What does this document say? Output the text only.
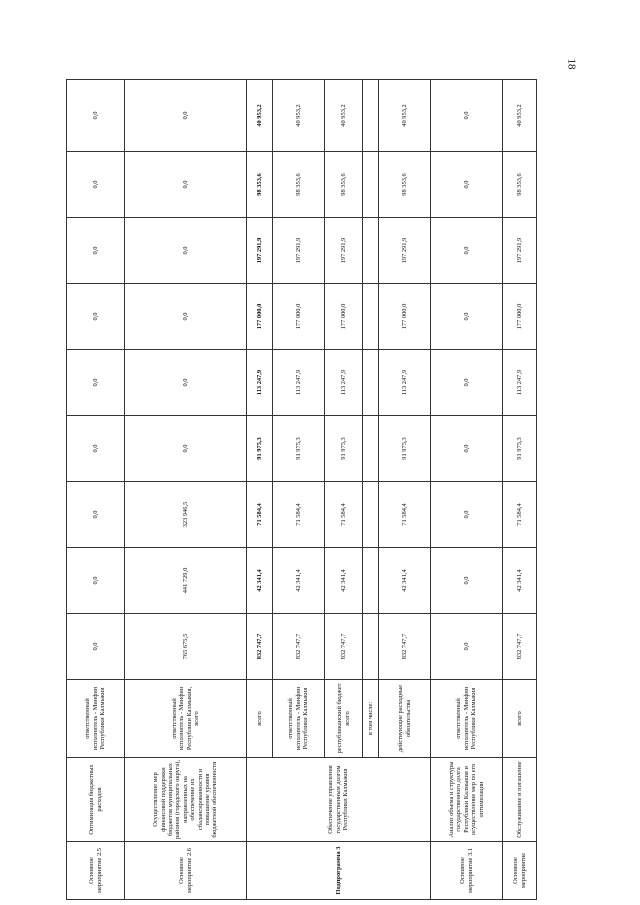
18
Основное мероприятие 2.5	Оптимизация бюджетных расходов	ответственный исполнитель - Минфин Республики Калмыкия	0,0	0,0	0,0	0,0	0,0	0,0	0,0	0,0	0,0
Основное мероприятие 2.6	Осуществление мер финансовой поддержки бюджетов муниципальных районов (городского округа), направленных на обеспечение их сбалансированности и повышение уровня бюджетной обеспеченности	ответственный исполнитель - Минфин Республики Калмыкия, всего	765 675,5	441 729,0	323 946,5	0,0	0,0	0,0	0,0	0,0	0,0
Подпрограмма 3	Обеспечение управления государственным долгом Республики Калмыкия	всего	832 747,7	42 341,4	71 584,4	91 975,3	113 247,9	177 000,0	197 291,9	98 353,6	40 953,2
		ответственный исполнитель - Минфин Республики Калмыкия	832 747,7	42 341,4	71 584,4	91 975,3	113 247,9	177 000,0	197 291,9	98 353,6	40 953,2
		республиканский бюджет всего	832 747,7	42 341,4	71 584,4	91 975,3	113 247,9	177 000,0	197 291,9	98 353,6	40 953,2
		в том числе:									
		действующие расходные обязательства	832 747,7	42 341,4	71 584,4	91 975,3	113 247,9	177 000,0	197 291,9	98 353,6	40 953,2
Основное мероприятие 3.1	Анализ объема и структуры государственного долга Республики Калмыкия и осуществление мер по его оптимизации	ответственный исполнитель - Минфин Республики Калмыкия	0,0	0,0	0,0	0,0	0,0	0,0	0,0	0,0	0,0
Основное мероприятие	Обслуживание и погашение	всего	832 747,7	42 341,4	71 584,4	91 975,3	113 247,9	177 000,0	197 291,9	98 353,6	40 953,2
